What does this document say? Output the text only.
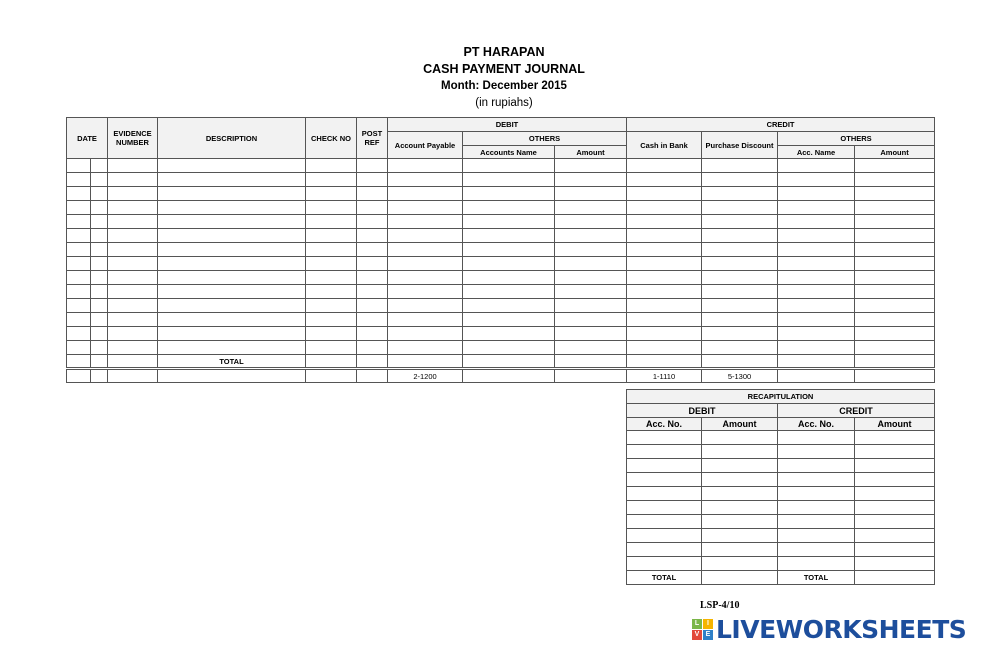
PT HARAPAN
CASH PAYMENT JOURNAL
Month: December 2015
(in rupiahs)
DATE		EVIDENCE NUMBER	DESCRIPTION	CHECK NO	POST REF	DEBIT			CREDIT			
						Account Payable	OTHERS		Cash in Bank	Purchase Discount	OTHERS	
							Accounts Name	Amount			Acc. Name	Amount

			TOTAL									
						2-1200			1-1110	5-1300		
RECAPITULATION			
DEBIT		CREDIT	
Acc. No.	Amount	Acc. No.	Amount

TOTAL		TOTAL	
LSP-4/10
L	I
V E LIVEWORKSHEETS
